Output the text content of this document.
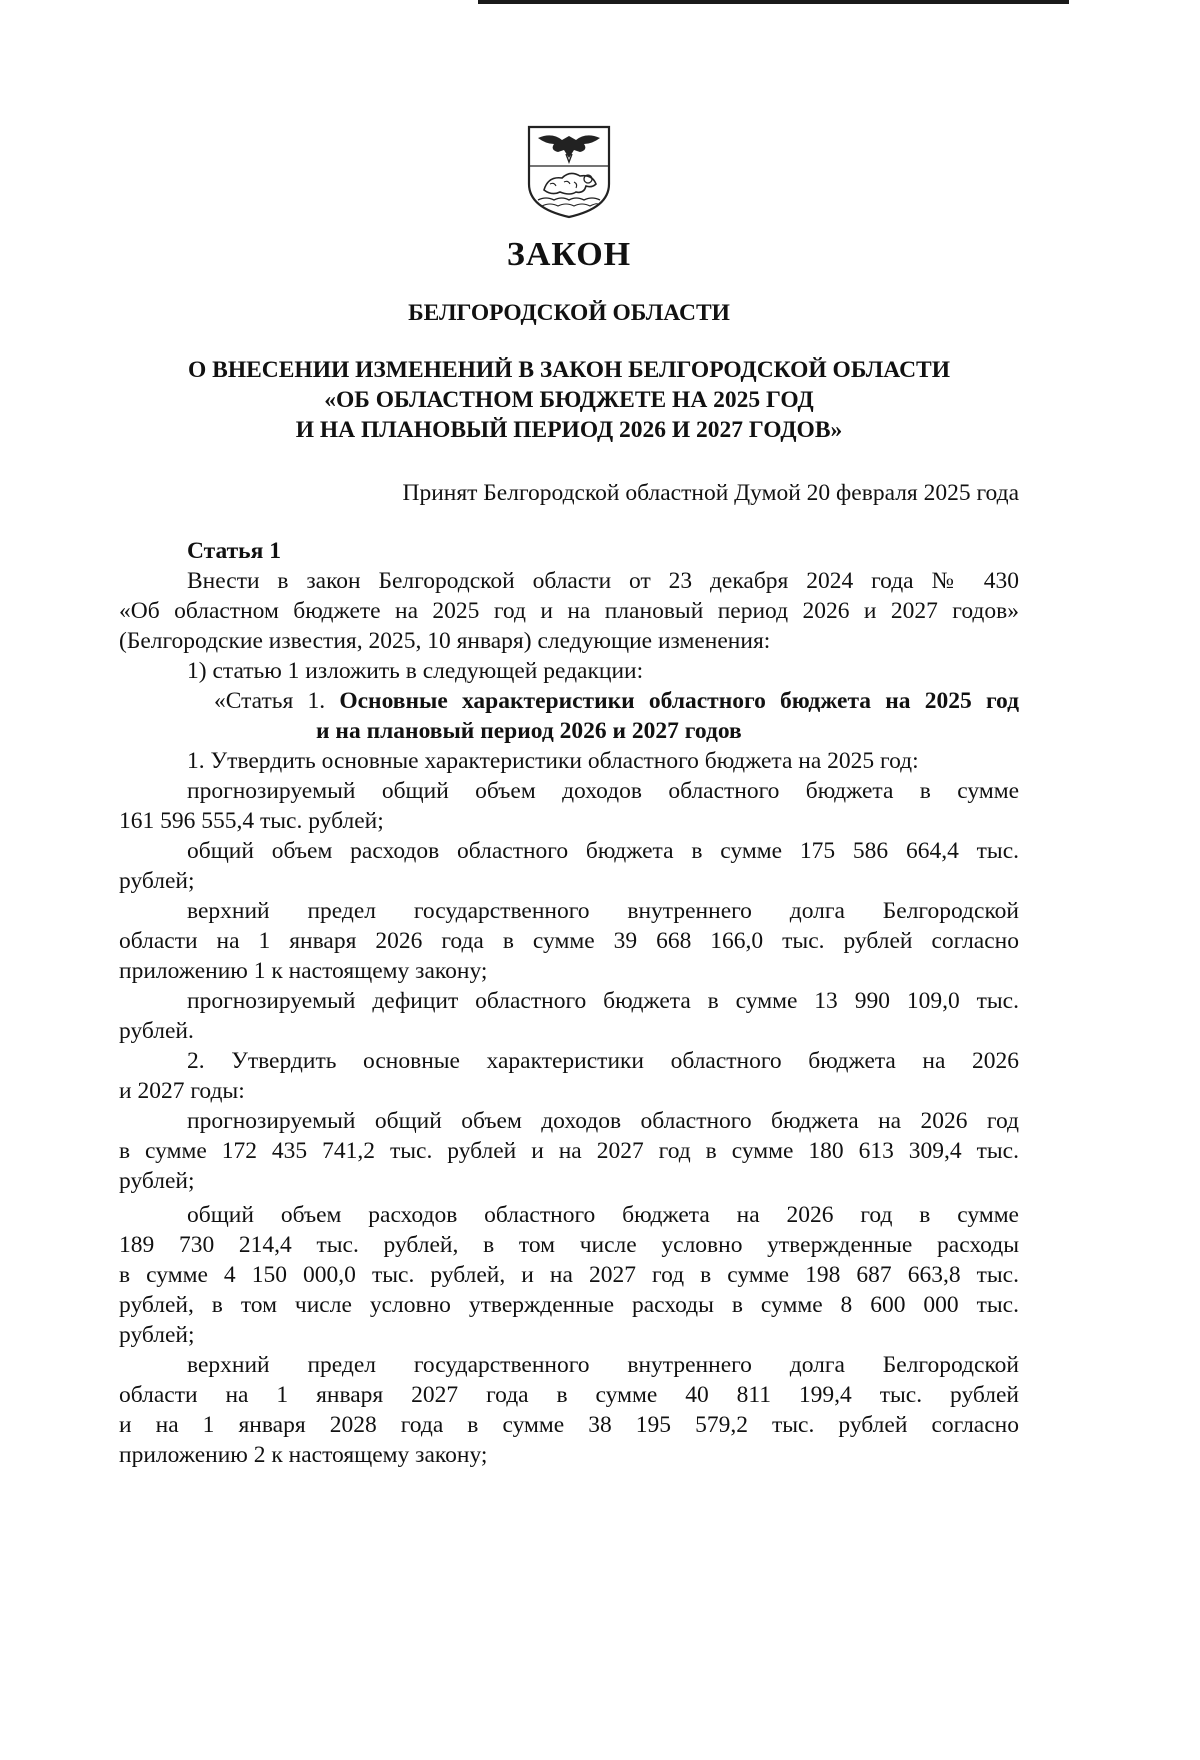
ЗАКОН
БЕЛГОРОДСКОЙ ОБЛАСТИ
О ВНЕСЕНИИ ИЗМЕНЕНИЙ В ЗАКОН БЕЛГОРОДСКОЙ ОБЛАСТИ
«ОБ ОБЛАСТНОМ БЮДЖЕТЕ НА 2025 ГОД
И НА ПЛАНОВЫЙ ПЕРИОД 2026 И 2027 ГОДОВ»
Принят Белгородской областной Думой 20 февраля 2025 года
Статья 1
Внести в закон Белгородской области от 23 декабря 2024 года № 430
«Об областном бюджете на 2025 год и на плановый период 2026 и 2027 годов»
(Белгородские известия, 2025, 10 января) следующие изменения:
1) статью 1 изложить в следующей редакции:
«Статья 1. Основные характеристики областного бюджета на 2025 год
и на плановый период 2026 и 2027 годов
1. Утвердить основные характеристики областного бюджета на 2025 год:
прогнозируемый общий объем доходов областного бюджета в сумме
161 596 555,4 тыс. рублей;
общий объем расходов областного бюджета в сумме 175 586 664,4 тыс.
рублей;
верхний предел государственного внутреннего долга Белгородской
области на 1 января 2026 года в сумме 39 668 166,0 тыс. рублей согласно
приложению 1 к настоящему закону;
прогнозируемый дефицит областного бюджета в сумме 13 990 109,0 тыс.
рублей.
2. Утвердить основные характеристики областного бюджета на 2026
и 2027 годы:
прогнозируемый общий объем доходов областного бюджета на 2026 год
в сумме 172 435 741,2 тыс. рублей и на 2027 год в сумме 180 613 309,4 тыс.
рублей;
общий объем расходов областного бюджета на 2026 год в сумме
189 730 214,4 тыс. рублей, в том числе условно утвержденные расходы
в сумме 4 150 000,0 тыс. рублей, и на 2027 год в сумме 198 687 663,8 тыс.
рублей, в том числе условно утвержденные расходы в сумме 8 600 000 тыс.
рублей;
верхний предел государственного внутреннего долга Белгородской
области на 1 января 2027 года в сумме 40 811 199,4 тыс. рублей
и на 1 января 2028 года в сумме 38 195 579,2 тыс. рублей согласно
приложению 2 к настоящему закону;
